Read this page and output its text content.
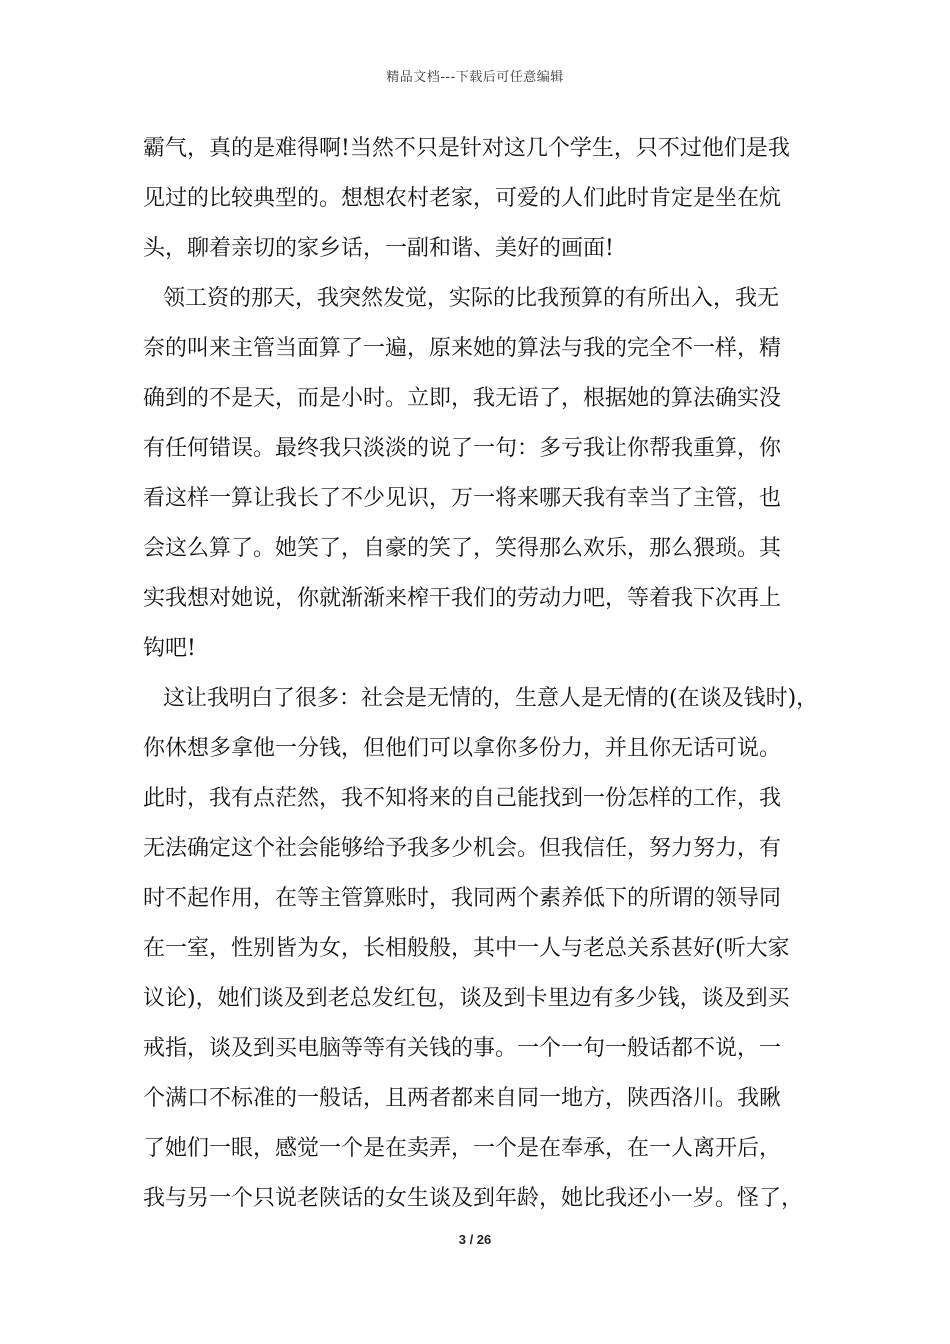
精品文档---下载后可任意编辑
霸气，真的是难得啊!当然不只是针对这几个学生，只不过他们是我
见过的比较典型的。想想农村老家，可爱的人们此时肯定是坐在炕
头，聊着亲切的家乡话，一副和谐、美好的画面!
领工资的那天，我突然发觉，实际的比我预算的有所出入，我无
奈的叫来主管当面算了一遍，原来她的算法与我的完全不一样，精
确到的不是天，而是小时。立即，我无语了，根据她的算法确实没
有任何错误。最终我只淡淡的说了一句：多亏我让你帮我重算，你
看这样一算让我长了不少见识，万一将来哪天我有幸当了主管，也
会这么算了。她笑了，自豪的笑了，笑得那么欢乐，那么猥琐。其
实我想对她说，你就渐渐来榨干我们的劳动力吧，等着我下次再上
钩吧!
这让我明白了很多：社会是无情的，生意人是无情的(在谈及钱时)，
你休想多拿他一分钱，但他们可以拿你多份力，并且你无话可说。
此时，我有点茫然，我不知将来的自己能找到一份怎样的工作，我
无法确定这个社会能够给予我多少机会。但我信任，努力努力，有
时不起作用，在等主管算账时，我同两个素养低下的所谓的领导同
在一室，性别皆为女，长相般般，其中一人与老总关系甚好(听大家
议论)，她们谈及到老总发红包，谈及到卡里边有多少钱，谈及到买
戒指，谈及到买电脑等等有关钱的事。一个一句一般话都不说，一
个满口不标准的一般话，且两者都来自同一地方，陕西洛川。我瞅
了她们一眼，感觉一个是在卖弄，一个是在奉承，在一人离开后，
我与另一个只说老陕话的女生谈及到年龄，她比我还小一岁。怪了，
3 / 26
